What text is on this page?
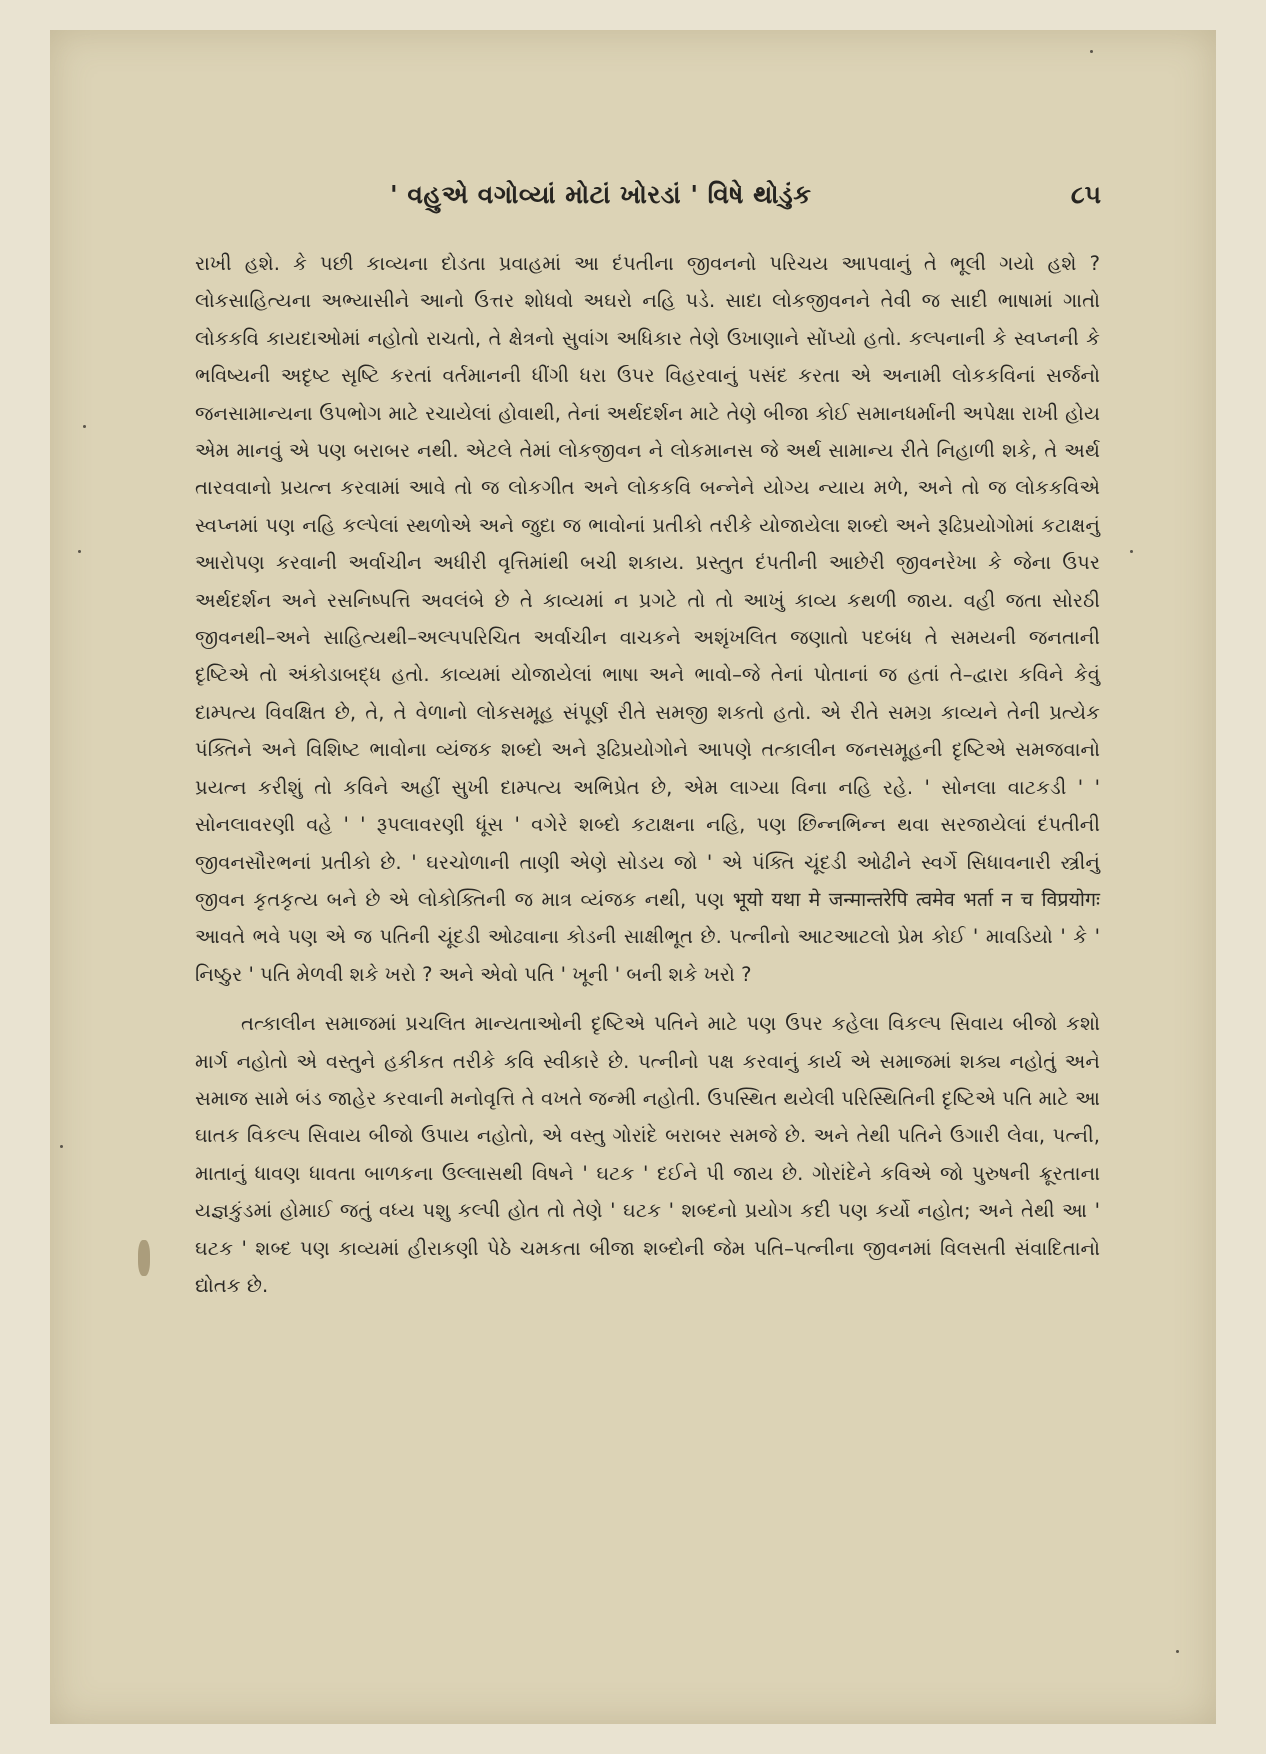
' વહુએ વગોવ્યાં મોટાં ખોરડાં ' વિષે થોડુંક	૮૫

રાખી હશે. કે પછી કાવ્યના દોડતા પ્રવાહમાં આ દંપતીના જીવનનો પરિચય આપવાનું તે ભૂલી ગયો હશે ? લોકસાહિત્યના અભ્યાસીને આનો ઉત્તર શોધવો અઘરો નહિ પડે. સાદા લોકજીવનને તેવી જ સાદી ભાષામાં ગાતો લોકકવિ કાયદાઓમાં નહોતો રાચતો, તે ક્ષેત્રનો સુવાંગ અધિકાર તેણે ઉખાણાને સોંપ્યો હતો. કલ્પનાની કે સ્વપ્નની કે ભવિષ્યની અદૃષ્ટ સૃષ્ટિ કરતાં વર્તમાનની ધીંગી ધરા ઉપર વિહરવાનું પસંદ કરતા એ અનામી લોકકવિનાં સર્જનો જનસામાન્યના ઉપભોગ માટે રચાયેલાં હોવાથી, તેનાં અર્થદર્શન માટે તેણે બીજા કોઈ સમાનધર્માની અપેક્ષા રાખી હોય એમ માનવું એ પણ બરાબર નથી. એટલે તેમાં લોકજીવન ને લોકમાનસ જે અર્થ સામાન્ય રીતે નિહાળી શકે, તે અર્થ તારવવાનો પ્રયત્ન કરવામાં આવે તો જ લોકગીત અને લોકકવિ બન્નેને યોગ્ય ન્યાય મળે, અને તો જ લોકકવિએ સ્વપ્નમાં પણ નહિ કલ્પેલાં સ્થળોએ અને જુદા જ ભાવોનાં પ્રતીકો તરીકે યોજાયેલા શબ્દો અને રૂઢિપ્રયોગોમાં કટાક્ષનું આરોપણ કરવાની અર્વાચીન અધીરી વૃત્તિમાંથી બચી શકાય. પ્રસ્તુત દંપતીની આછેરી જીવનરેખા કે જેના ઉપર અર્થદર્શન અને રસનિષ્પત્તિ અવલંબે છે તે કાવ્યમાં ન પ્રગટે તો તો આખું કાવ્ય કથળી જાય. વહી જતા સોરઠી જીવનથી–અને સાહિત્યથી–અલ્પપરિચિત અર્વાચીન વાચકને અશૃંખલિત જણાતો પદબંધ તે સમયની જનતાની દૃષ્ટિએ તો અંકોડાબદ્ધ હતો. કાવ્યમાં યોજાયેલાં ભાષા અને ભાવો–જે તેનાં પોતાનાં જ હતાં તે–દ્વારા કવિને કેવું દામ્પત્ય વિવક્ષિત છે, તે, તે વેળાનો લોકસમૂહ સંપૂર્ણ રીતે સમજી શકતો હતો. એ રીતે સમગ્ર કાવ્યને તેની પ્રત્યેક પંક્તિને અને વિશિષ્ટ ભાવોના વ્યંજક શબ્દો અને રૂઢિપ્રયોગોને આપણે તત્કાલીન જનસમૂહની દૃષ્ટિએ સમજવાનો પ્રયત્ન કરીશું તો કવિને અહીં સુખી દામ્પત્ય અભિપ્રેત છે, એમ લાગ્યા વિના નહિ રહે. ' સોનલા વાટકડી ' ' સોનલાવરણી વહે ' ' રૂપલાવરણી ધૂંસ ' વગેરે શબ્દો કટાક્ષના નહિ, પણ છિન્નભિન્ન થવા સરજાયેલાં દંપતીની જીવનસૌરભનાં પ્રતીકો છે. ' ઘરચોળાની તાણી એણે સોડય જો ' એ પંક્તિ ચૂંદડી ઓઢીને સ્વર્ગે સિધાવનારી સ્ત્રીનું જીવન કૃતકૃત્ય બને છે એ લોકોક્તિની જ માત્ર વ્યંજક નથી, પણ भूयो यथा मे जन्मान्तरेपि त्वमेव भर्ता न च विप्रयोगः આવતે ભવે પણ એ જ પતિની ચૂંદડી ઓઢવાના કોડની સાક્ષીભૂત છે. પત્નીનો આટઆટલો પ્રેમ કોઈ ' માવડિયો ' કે ' નિષ્ઠુર ' પતિ મેળવી શકે ખરો ? અને એવો પતિ ' ખૂની ' બની શકે ખરો ?

તત્કાલીન સમાજમાં પ્રચલિત માન્યતાઓની દૃષ્ટિએ પતિને માટે પણ ઉપર કહેલા વિકલ્પ સિવાય બીજો કશો માર્ગ નહોતો એ વસ્તુને હકીકત તરીકે કવિ સ્વીકારે છે. પત્નીનો પક્ષ કરવાનું કાર્ય એ સમાજમાં શક્ય નહોતું અને સમાજ સામે બંડ જાહેર કરવાની મનોવૃત્તિ તે વખતે જન્મી નહોતી. ઉપસ્થિત થયેલી પરિસ્થિતિની દૃષ્ટિએ પતિ માટે આ ઘાતક વિકલ્પ સિવાય બીજો ઉપાય નહોતો, એ વસ્તુ ગોરાંદે બરાબર સમજે છે. અને તેથી પતિને ઉગારી લેવા, પત્ની, માતાનું ધાવણ ધાવતા બાળકના ઉલ્લાસથી વિષને ' ઘટક ' દઈને પી જાય છે. ગોરાંદેને કવિએ જો પુરુષની ક્રૂરતાના યજ્ઞકુંડમાં હોમાઈ જતું વધ્ય પશુ કલ્પી હોત તો તેણે ' ઘટક ' શબ્દનો પ્રયોગ કદી પણ કર્યો નહોત; અને તેથી આ ' ઘટક ' શબ્દ પણ કાવ્યમાં હીરાકણી પેઠે ચમકતા બીજા શબ્દોની જેમ પતિ–પત્નીના જીવનમાં વિલસતી સંવાદિતાનો દ્યોતક છે.
